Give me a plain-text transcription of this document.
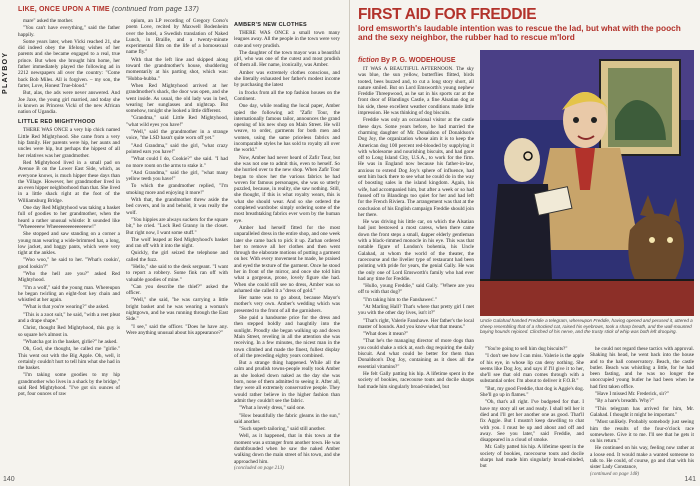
PLAYBOY
140
LIKE, ONCE UPON A TIME (continued from page 137)

mare" asked the mother.

"You can't have everything," said the father happily.

Some years later, when Vicki reached 21, she did indeed obey the lifelong wishes of her parents and she became engaged to a real, true prince. But when she brought him home, her father immediately played the following ad in 2212 newspapers all over the country: "Come back Bob Miles. All is forgiven. ‒ my son, the farter, Love, Honest True-blood."

But, alas, the ads were never answered. And Joe Jaxe, the young girl married, and today she is known as Princess Vicki of the new African nation of Ugandia.

LITTLE RED MIGHTYHOOD

THERE WAS ONCE a very hip chick named Little Red Mightyhood. She came from a very hip family. Her parents were hip, her aunts and uncles were hip, but perhaps the hippest of all her relatives was her grandmother.

Red Mightyhood lived in a small pad on Avenue B on the Lower East Side, which, as everyone knows, is much hipper these days than the Village. However, her grandmother lived in an even hipper neighborhood than that. She lived in a little shack right at the foot of the Williamsburg Bridge.

One day Red Mightyhood was taking a basket full of goodies to her grandmother, when the heard a rather unusual whistle: It sounded like "Wheeeeeew Wheeeeeeeeeeeeeeew!"

She stopped and saw standing on a corner a young man wearing a wide-brimmed hat, a long, low jacket, and baggy pants, which were very tight at the ankles.

"Woo woo," he said to her. "What's cookin', good lookin'?"

"Who the hell are you?" asked Red Mightyhood.

"I'm a wolf," said the young man. Whereupon he began twirling an eight-foot key chain and whistled at her again.

"What is that you're wearing?" she asked.

"This is a zoot suit," he said, "with a reet pleat and a drape shape."

Christ, thought Red Mightyhood, this guy is so square he's almost in.

"Whatcha got in the basket, girlie?" he asked.

Oh, God, she thought, he called me "girlie." This went out with the Big Apple. Oh, well, it certainly couldn't hurt to tell him what she had in the basket.

"I'm taking some goodies to my hip grandmother who lives in a shack by the bridge," said Red Mightyhood. "I've got six ounces of pot, four ounces of raw

opium, an LP recording of Gregory Corso's poem Love, recited by Maxwell Bodenheim over the hotel, a Swedish translation of Naked Lunch, in Braille, and a twenty-minute experimental film on the life of a homosexual name fly."

With that the left line and skipped along toward the grandmother's house, shuddering momentarily at his parting shot, which was: "Hubba-hubba."

When Red Mightyhood arrived at her grandmother's shack, the door was open, and she went inside. As usual, the old lady was in bed, wearing her sunglasses and nightcap. But somehow, tonight she looked a little different.

"Grandma," said Little Red Mightyhood, "what wild eyes you have!"

"Well," said the grandmother in a strange voice, "the LSD hasn't quite worn off yet."

"And Grandma," said the girl, "what crazy pointed ears you have!"

"What could I do, Cookie?" she said. "I had no more room on the arms to stake it."

"And Grandma," said the girl, "what many yellow teeth you have!"

To which the grandmother replied, "I'm smoking more and enjoying it more!"

With that, the grandmother threw aside the bed covers, and lo and behold, it was really the wolf.

"You hippies are always suckers for the square bit," he cried. "Lock Red Granny in the closet. But right now, I want some stuff."

The wolf leaped at Red Mightyhood's basket and ran off with it into the night.

Quickly, the girl seized the telephone and called the fuzz.

"Hello," she said to the desk sergeant. "I want to report a robbery. Some fink ran off with valuable goodies of mine."

"Can you describe the thief?" asked the officer.

"Well," she said, "he was carrying a little bright basket and he was wearing a woman's nightgown, and he was running through the East Side."

"I see," said the officer. "Does he have any. Were anything unusual about his appearance?"

AMBER'S NEW CLOTHES

THERE WAS ONCE a small town many leagues away. All the people in the town were very cute and very prudish.

The daughter of the town mayor was a beautiful girl, who was one of the cutest and most prudish of them all. Her name, ironically, was Amber.

Amber was extremely clothes conscious, and she literally exhausted her father's modest income by purchasing the latest

in frocks from all the top fashion houses on the Continent.

One day, while reading the local paper, Amber spied the following ad: "Zafir Tour, the internationally famous tailor, announces the grand opening of his new shop on Main Street. He will weave, to order, garments for both men and women, using the same priceless fabrics and incomparable styles he has sold to royalty all over the world."

Now, Amber had never heard of Zafir Tour, but she was not one to admit this, even to herself. So she hurried over to the new shop. When Zafir Tour began to show her the various fabrics he had woven for famous personages, she was so utterly puzzled, because, in reality, she saw nothing. Still, she thought, if this is what royalty wears, this is what she should wear. And so she ordered the completed wardrobe: simply ordering some of the most breathtaking fabrics ever worn by the human eye.

Amber had herself fitted for the most unparalleled dress in the entire shop, and one week later she came back to pick it up. Zarhan ordered her to remove all her clothes and then went through the elaborate motions of putting a garment on her. With every movement he made, he praised and eyed the texture of the garment. Once he stood her in front of the mirror, and once she told him what a gorgeous, prone, lovely figure she had. When she could still see no dress, Amber was so ashamed she called it a "dress of gold."

Her name was to go about, because Mayor's mother's very own. Amber's wedding which was presented to the front of all the garnishers.

She paid a handsome price for the dress and then stepped boldly and haughtily into the sunlight. Proudly she began walking up and down Main Street, reveling in all the attention she was receiving. In a few minutes, the nicest man in the town climbed and made the finest, fullest display of all the preceding eighty years combined.

But a strange thing happened. While all the calm and prudish towns-people really took Amber as she looked down naked as the day she was born, none of them admitted to seeing it. After all, they were all extremely conservative people. They would rather believe in the higher fashion than admit they couldn't see the fabric.

"What a lovely dress," said one.

"How beautifully the fabric gleams in the sun," said another.

"Such superb tailoring," said still another.

Well, as it happened, that in this town at the moment was a stranger from another town. He was dumbfounded when he saw the naked Amber walking down the main street of his town, and she approached him.

(concluded on page 213)

FIRST AID FOR FREDDIE
lord emsworth's laudable intention was to rescue the lad, but what with the pooch and the sexy neighbor, the rubber had to rescue m'lord
fiction By P. G. WODEHOUSE

IT WAS A BEAUTIFUL AFTERNOON. The sky was blue, the sun yellow, butterflies flitted, birds tooted, bees buzzed and, to cut a long story short, all nature smiled. But on Lord Emsworth's young nephew Freddie Threepwood, as he sat in his sports car at the front door of Blandings Castle, a fine Alsatian dog at his side, these excellent weather conditions made little impression. He was thinking of dog biscuits.

Freddie was only an occasional visitor at the castle these days. Some years before, he had married the charming daughter of Mr. Donaldson of Donaldson's Dog Joy, the organization whose aim it is to keep the American dog 100 percent red-blooded by supplying it with wholesome and nourishing biscuits, and had gone off to Long Island City, U.S.A., to work for the firm. He was in England now because his father-in-law, anxious to extend Dog Joy's sphere of influence, had sent him back there to see what he could do in the way of boosting sales in the island kingdom. Again, his wife, had accompanied him, but after a week or so had fussed off to Blandings too quiet for her and had left for the French Riviera. The arrangement was that at the conclusion of his English campaign Freddie should join her there.

He was driving his little car, on which the Alsatian had just bestowed a most caress, when there came down the front steps a small, dapper elderly gentleman with a black-rimmed monocle in his eye. This was that notable figure of London's bohemia, his Uncle Galahad, at whom the world of the theater, the racecourse and the livelier type of restaurant had been pointing with pride for years, the genial Gally. He was the only one of Lord Emsworth's family who had ever had any time for Freddie.

"Hullo, young Freddie," said Gally. "Where are you off to with that dog?"

"I'm taking him to the Fanshawes'."

"At Marling Hall? That's where that pretty girl I met you with the other day lives, isn't it?"

"That's right, Valerie Fanshawe. Her father's the local master of hounds. And you know what that means."

"What does it mean?"

"That he's the managing director of more dogs than you could shake a stick at, each dog requiring the daily biscuit. And what could be better for them than Donaldson's Dog Joy, containing as it does all the essential vitamins?"

He felt Gally patting his hip. A lifetime spent in the society of bookies, racecourse touts and docile sharps had made him singularly broad-minded, but

Uncle Galahad handed Freddie a telegram, whereupon Freddie, having opened and perused it, uttered a cheep resembling that of a shocked cat, raised his eyebrows, took a sharp breath, and the wall-mounted baying hounds rejoiced. Clinched of his nerve, and the trusty stick of whip was both left drooping.

"You're going to sell him dog biscuits?"

"I don't see how I can miss. Valerie is the apple of his eye, in whose lip can deny nothing. She seems like Dog Joy, and says if I'll give it to her, she'll see that old man comes through with a substantial order. I'm about to deliver it F.O.B."

"But, my good Freddie, that dog is Aggie's dog. She'll go up in flames."

"Oh, that's all right. I've budgeted for that. I have my story all set and ready. I shall tell her it died and I'll get her another one as good. That'll fix Aggie. But I mustn't keep dawdling to chat with you. I must be up and about and off and away. See you later," said Freddie, and disappeared in a cloud of smoke.

Mr. Gally patted his hip. A lifetime spent in the society of bookies, racecourse touts and docile sharps had made him singularly broad-minded, but

he could not regard these tactics with approval. Shaking his head, he went back into the house and to the hall conservatory. Beach, the castle butler. Beach was whistling a little, for he had been fasting, and he was no longer the unoccupied young butler he had been when he had first taken office.

"Have I missed Mr. Frederick, sir?"

"By a hare's breadth. Why?"

"This telegram has arrived for him, Mr. Galahad. I thought it might be important."

"Most unlikely. Probably somebody just seeing him the results of the four-o'clock race somewhere. Give it to me. I'll see that he gets it on his return."

He continued on his way, feeling now rather at a loose end. It would make a wanted someone to talk to. He could, of course, go and chat with his sister Lady Constance,

(continued on page 148)

141
